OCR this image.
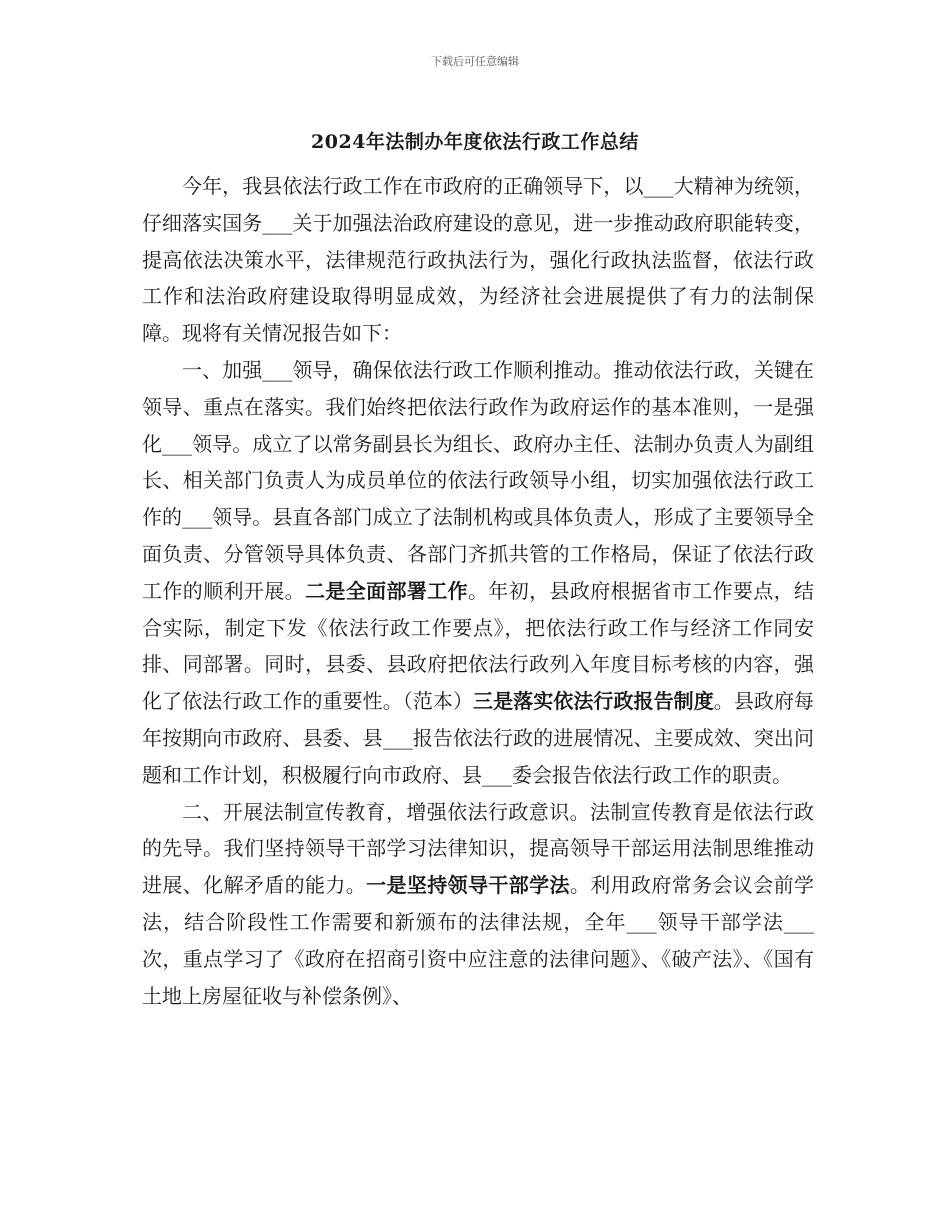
下载后可任意编辑
2024年法制办年度依法行政工作总结

今年，我县依法行政工作在市政府的正确领导下，以___大精神为统领，仔细落实国务___关于加强法治政府建设的意见，进一步推动政府职能转变，提高依法决策水平，法律规范行政执法行为，强化行政执法监督，依法行政工作和法治政府建设取得明显成效，为经济社会进展提供了有力的法制保障。现将有关情况报告如下：

一、加强___领导，确保依法行政工作顺利推动。推动依法行政，关键在领导、重点在落实。我们始终把依法行政作为政府运作的基本准则，一是强化___领导。成立了以常务副县长为组长、政府办主任、法制办负责人为副组长、相关部门负责人为成员单位的依法行政领导小组，切实加强依法行政工作的___领导。县直各部门成立了法制机构或具体负责人，形成了主要领导全面负责、分管领导具体负责、各部门齐抓共管的工作格局，保证了依法行政工作的顺利开展。二是全面部署工作。年初，县政府根据省市工作要点，结合实际，制定下发《依法行政工作要点》，把依法行政工作与经济工作同安排、同部署。同时，县委、县政府把依法行政列入年度目标考核的内容，强化了依法行政工作的重要性。（范本）三是落实依法行政报告制度。县政府每年按期向市政府、县委、县___报告依法行政的进展情况、主要成效、突出问题和工作计划，积极履行向市政府、县___委会报告依法行政工作的职责。

二、开展法制宣传教育，增强依法行政意识。法制宣传教育是依法行政的先导。我们坚持领导干部学习法律知识，提高领导干部运用法制思维推动进展、化解矛盾的能力。一是坚持领导干部学法。利用政府常务会议会前学法，结合阶段性工作需要和新颁布的法律法规，全年___领导干部学法___次，重点学习了《政府在招商引资中应注意的法律问题》、《破产法》、《国有土地上房屋征收与补偿条例》、
